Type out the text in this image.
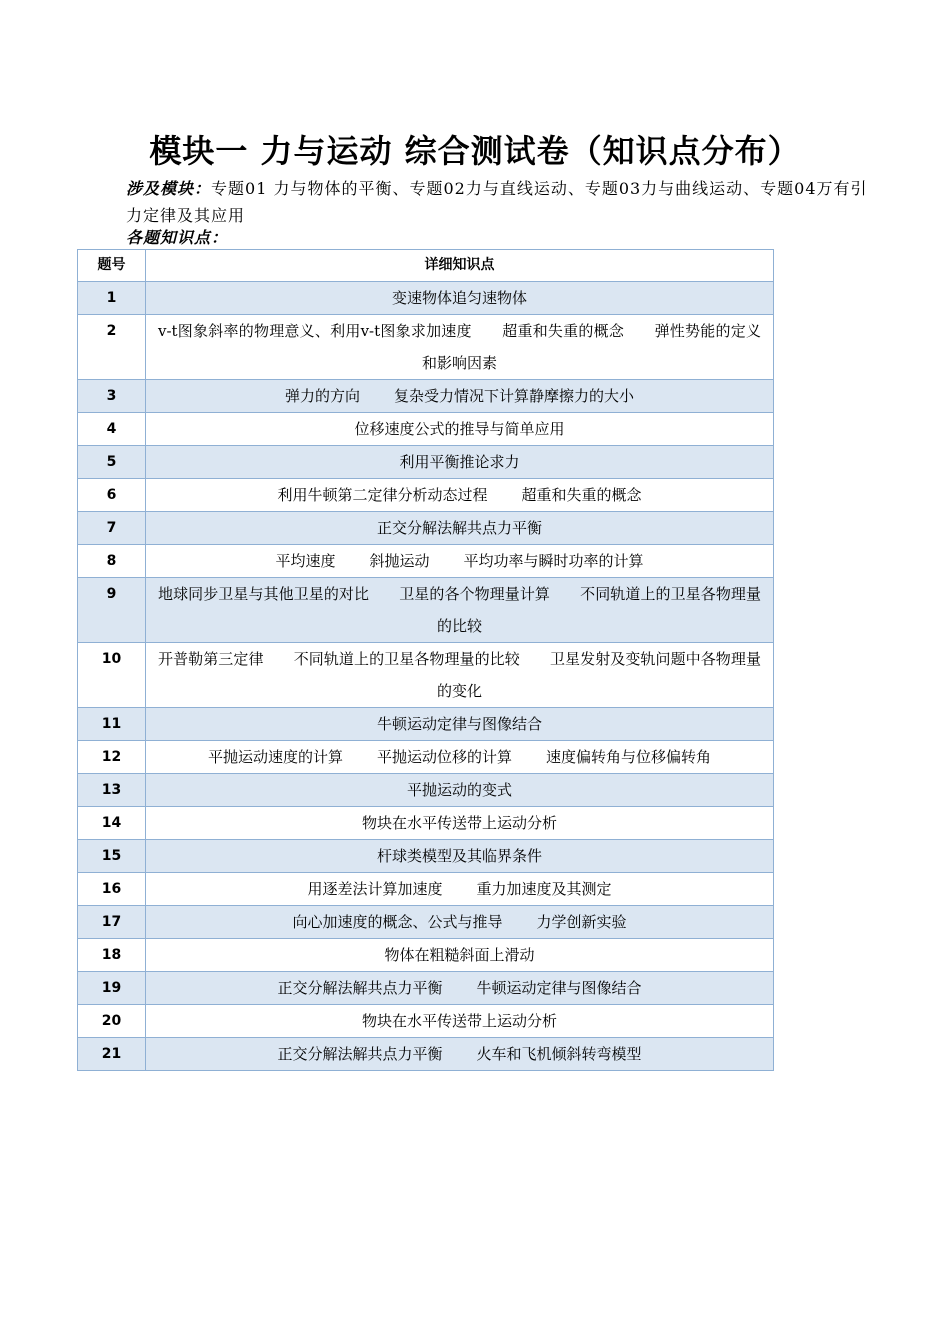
模块一 力与运动 综合测试卷（知识点分布）
涉及模块：专题01 力与物体的平衡、专题02力与直线运动、专题03力与曲线运动、专题04万有引力定律及其应用
各题知识点：
题号	详细知识点
1	变速物体追匀速物体
2	v-t图象斜率的物理意义、利用v-t图象求加速度　　 超重和失重的概念　　 弹性势能的定义和影响因素
3	弹力的方向 复杂受力情况下计算静摩擦力的大小
4	位移速度公式的推导与简单应用
5	利用平衡推论求力
6	利用牛顿第二定律分析动态过程 超重和失重的概念
7	正交分解法解共点力平衡
8	平均速度 斜抛运动 平均功率与瞬时功率的计算
9	地球同步卫星与其他卫星的对比　　 卫星的各个物理量计算　　 不同轨道上的卫星各物理量的比较
10	开普勒第三定律　　 不同轨道上的卫星各物理量的比较　　 卫星发射及变轨问题中各物理量的变化
11	牛顿运动定律与图像结合
12	平抛运动速度的计算 平抛运动位移的计算 速度偏转角与位移偏转角
13	平抛运动的变式
14	物块在水平传送带上运动分析
15	杆球类模型及其临界条件
16	用逐差法计算加速度 重力加速度及其测定
17	向心加速度的概念、公式与推导 力学创新实验
18	物体在粗糙斜面上滑动
19	正交分解法解共点力平衡 牛顿运动定律与图像结合
20	物块在水平传送带上运动分析
21	正交分解法解共点力平衡 火车和飞机倾斜转弯模型
